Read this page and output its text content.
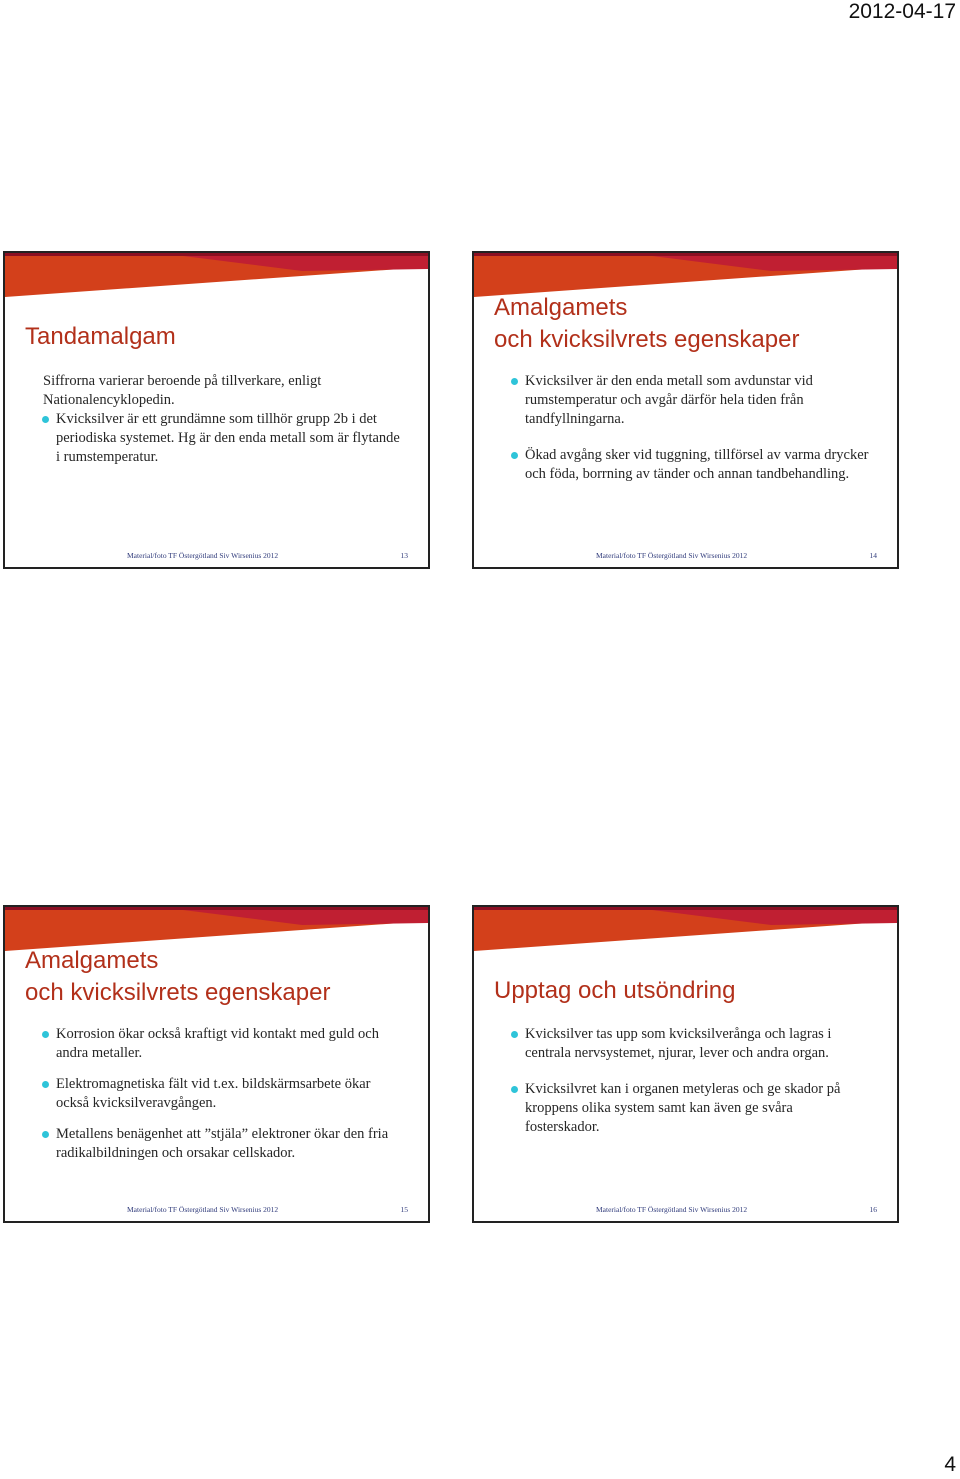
2012-04-17
Tandamalgam

Siffrorna varierar beroende på tillverkare, enligt Nationalencyklopedin.

Kvicksilver är ett grundämne som tillhör grupp 2b i det periodiska systemet. Hg är den enda metall som är flytande i rumstemperatur.
Material/foto TF Östergötland Siv Wirsenius 2012	13
Amalgamets
och kvicksilvrets egenskaper
Kvicksilver är den enda metall som avdunstar vid rumstemperatur och avgår därför hela tiden från tandfyllningarna.
Ökad avgång sker vid tuggning, tillförsel av varma drycker och föda, borrning av tänder och annan tandbehandling.
Material/foto TF Östergötland Siv Wirsenius 2012	14
Amalgamets
och kvicksilvrets egenskaper
Korrosion ökar också kraftigt vid kontakt med guld och andra metaller.
Elektromagnetiska fält vid t.ex. bildskärmsarbete ökar också kvicksilveravgången.
Metallens benägenhet att ”stjäla” elektroner ökar den fria radikalbildningen och orsakar cellskador.
Material/foto TF Östergötland Siv Wirsenius 2012	15
Upptag och utsöndring
Kvicksilver tas upp som kvicksilverånga och lagras i centrala nervsystemet, njurar, lever och andra organ.
Kvicksilvret kan i organen metyleras och ge skador på kroppens olika system samt kan även ge svåra fosterskador.
Material/foto TF Östergötland Siv Wirsenius 2012	16
4
